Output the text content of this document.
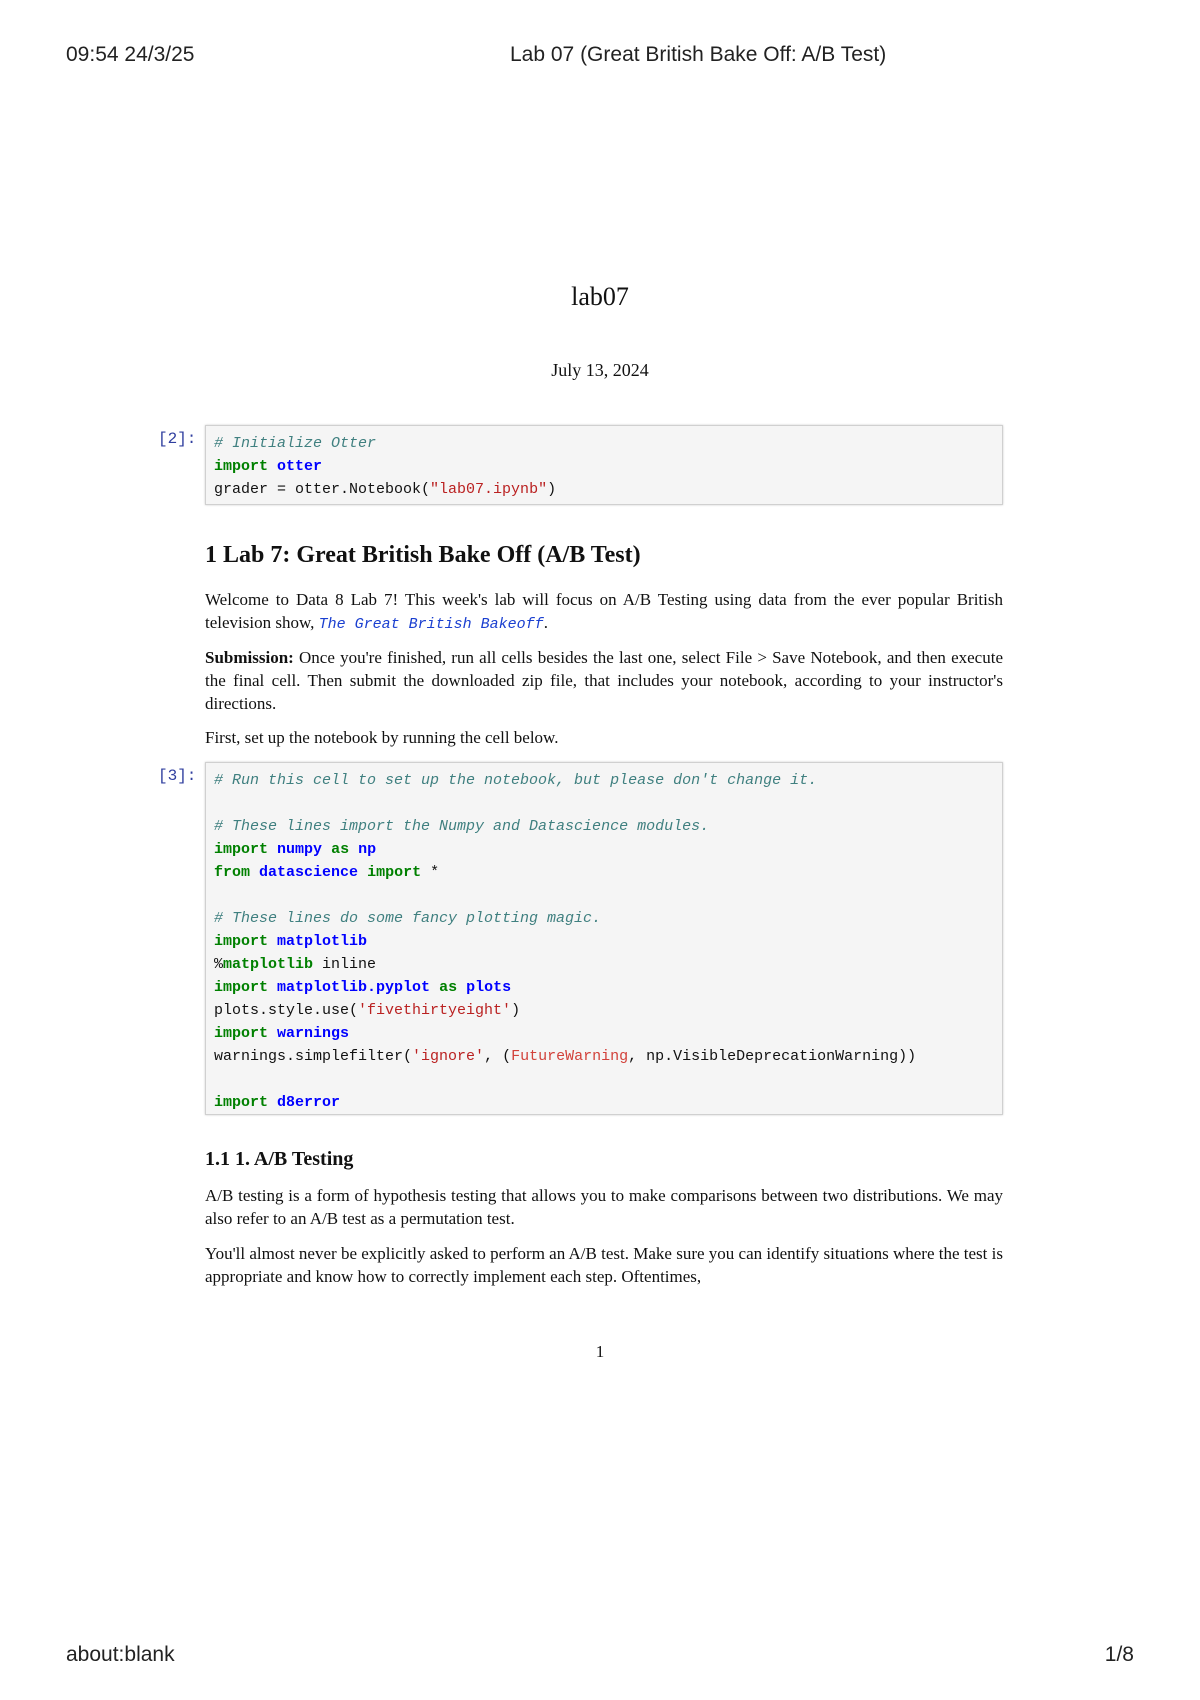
09:54 24/3/25	Lab 07 (Great British Bake Off: A/B Test)
lab07
July 13, 2024
[2]:	# Initialize Otter
import otter
grader = otter.Notebook("lab07.ipynb")
1 Lab 7: Great British Bake Off (A/B Test)

Welcome to Data 8 Lab 7! This week's lab will focus on A/B Testing using data from the ever popular British television show, The Great British Bakeoff.

Submission: Once you're finished, run all cells besides the last one, select File > Save Notebook, and then execute the final cell. Then submit the downloaded zip file, that includes your notebook, according to your instructor's directions.

First, set up the notebook by running the cell below.

[3]:	# Run this cell to set up the notebook, but please don't change it.

# These lines import the Numpy and Datascience modules.
import numpy as np
from datascience import *

# These lines do some fancy plotting magic.
import matplotlib
%matplotlib inline
import matplotlib.pyplot as plots
plots.style.use('fivethirtyeight')
import warnings
warnings.simplefilter('ignore', (FutureWarning, np.VisibleDeprecationWarning))

import d8error
1.1 1. A/B Testing

A/B testing is a form of hypothesis testing that allows you to make comparisons between two distributions. We may also refer to an A/B test as a permutation test.

You'll almost never be explicitly asked to perform an A/B test. Make sure you can identify situations where the test is appropriate and know how to correctly implement each step. Oftentimes,

1
about:blank	1/8
